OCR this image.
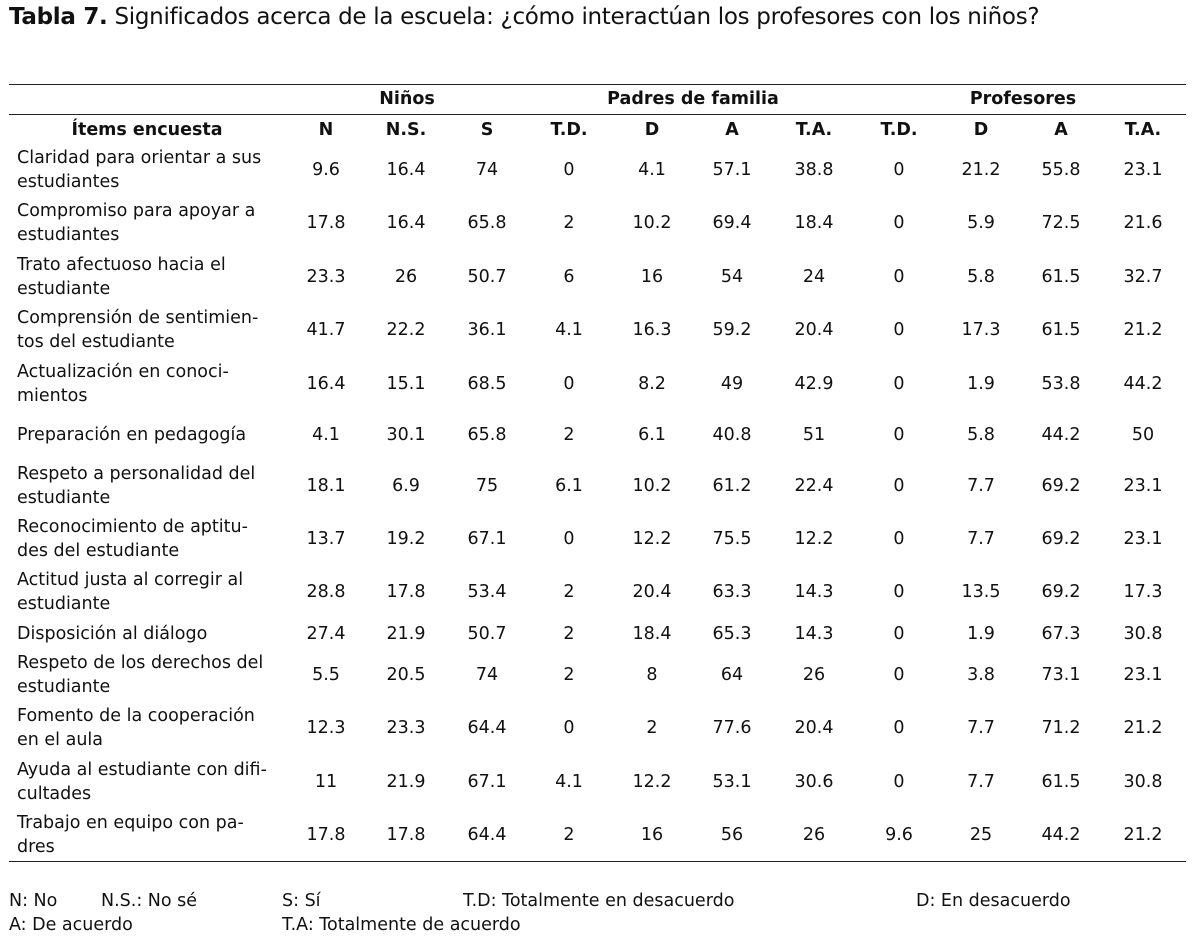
Tabla 7. Significados acerca de la escuela: ¿cómo interactúan los profesores con los niños?
Niños	Padres de familia	Profesores
Ítems encuesta	N	N.S.	S	T.D.	D	A	T.A.	T.D.	D	A	T.A.
Claridad para orientar a sus
estudiantes
9.6	16.4	74	0	4.1	57.1	38.8	0	21.2	55.8	23.1
Compromiso para apoyar a
estudiantes
17.8	16.4	65.8	2	10.2	69.4	18.4	0	5.9	72.5	21.6
Trato afectuoso hacia el
estudiante
23.3	26	50.7	6	16	54	24	0	5.8	61.5	32.7
Comprensión de sentimien-
tos del estudiante
41.7	22.2	36.1	4.1	16.3	59.2	20.4	0	17.3	61.5	21.2
Actualización en conoci-
mientos
16.4	15.1	68.5	0	8.2	49	42.9	0	1.9	53.8	44.2
Preparación en pedagogía	4.1	30.1	65.8	2	6.1	40.8	51	0	5.8	44.2	50
Respeto a personalidad del
estudiante
18.1	6.9	75	6.1	10.2	61.2	22.4	0	7.7	69.2	23.1
Reconocimiento de aptitu-
des del estudiante
13.7	19.2	67.1	0	12.2	75.5	12.2	0	7.7	69.2	23.1
Actitud justa al corregir al
estudiante
28.8	17.8	53.4	2	20.4	63.3	14.3	0	13.5	69.2	17.3
Disposición al diálogo	27.4	21.9	50.7	2	18.4	65.3	14.3	0	1.9	67.3	30.8
Respeto de los derechos del
estudiante
5.5	20.5	74	2	8	64	26	0	3.8	73.1	23.1
Fomento de la cooperación
en el aula
12.3	23.3	64.4	0	2	77.6	20.4	0	7.7	71.2	21.2
Ayuda al estudiante con difi-
cultades
11	21.9	67.1	4.1	12.2	53.1	30.6	0	7.7	61.5	30.8
Trabajo en equipo con pa-
dres
17.8	17.8	64.4	2	16	56	26	9.6	25	44.2	21.2
N: No N.S.: No sé	S: Sí	T.D: Totalmente en desacuerdo	D: En desacuerdo
A: De acuerdo	T.A: Totalmente de acuerdo
